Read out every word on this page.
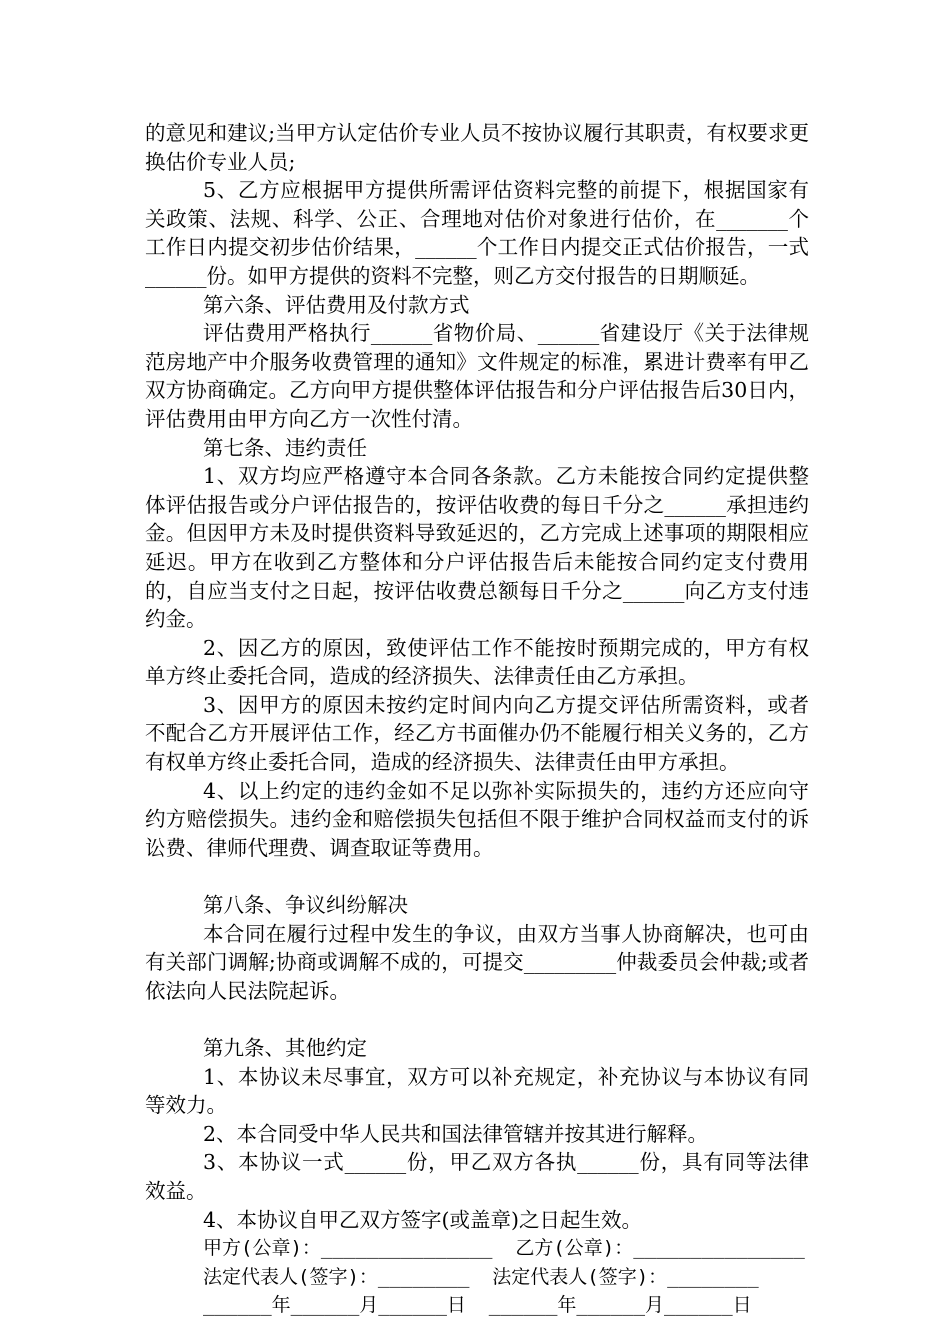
的意见和建议;当甲方认定估价专业人员不按协议履行其职责，有权要求更换估价专业人员;

5、乙方应根据甲方提供所需评估资料完整的前提下，根据国家有关政策、法规、科学、公正、合理地对估价对象进行估价，在_______个工作日内提交初步估价结果，______个工作日内提交正式估价报告，一式______份。如甲方提供的资料不完整，则乙方交付报告的日期顺延。

第六条、评估费用及付款方式

评估费用严格执行______省物价局、______省建设厅《关于法律规范房地产中介服务收费管理的通知》文件规定的标准，累进计费率有甲乙双方协商确定。乙方向甲方提供整体评估报告和分户评估报告后30日内，评估费用由甲方向乙方一次性付清。

第七条、违约责任

1、双方均应严格遵守本合同各条款。乙方未能按合同约定提供整体评估报告或分户评估报告的，按评估收费的每日千分之______承担违约金。但因甲方未及时提供资料导致延迟的，乙方完成上述事项的期限相应延迟。甲方在收到乙方整体和分户评估报告后未能按合同约定支付费用的，自应当支付之日起，按评估收费总额每日千分之______向乙方支付违约金。

2、因乙方的原因，致使评估工作不能按时预期完成的，甲方有权单方终止委托合同，造成的经济损失、法律责任由乙方承担。

3、因甲方的原因未按约定时间内向乙方提交评估所需资料，或者不配合乙方开展评估工作，经乙方书面催办仍不能履行相关义务的，乙方有权单方终止委托合同，造成的经济损失、法律责任由甲方承担。

4、以上约定的违约金如不足以弥补实际损失的，违约方还应向守约方赔偿损失。违约金和赔偿损失包括但不限于维护合同权益而支付的诉讼费、律师代理费、调查取证等费用。

第八条、争议纠纷解决

本合同在履行过程中发生的争议，由双方当事人协商解决，也可由有关部门调解;协商或调解不成的，可提交_________仲裁委员会仲裁;或者依法向人民法院起诉。

第九条、其他约定

1、本协议未尽事宜，双方可以补充规定，补充协议与本协议有同等效力。

2、本合同受中华人民共和国法律管辖并按其进行解释。

3、本协议一式______份，甲乙双方各执______份，具有同等法律效益。

4、本协议自甲乙双方签字(或盖章)之日起生效。

甲方(公章)：_______________  乙方(公章)：_______________

法定代表人(签字)：________  法定代表人(签字)：________

______年______月______日  ______年______月______日
